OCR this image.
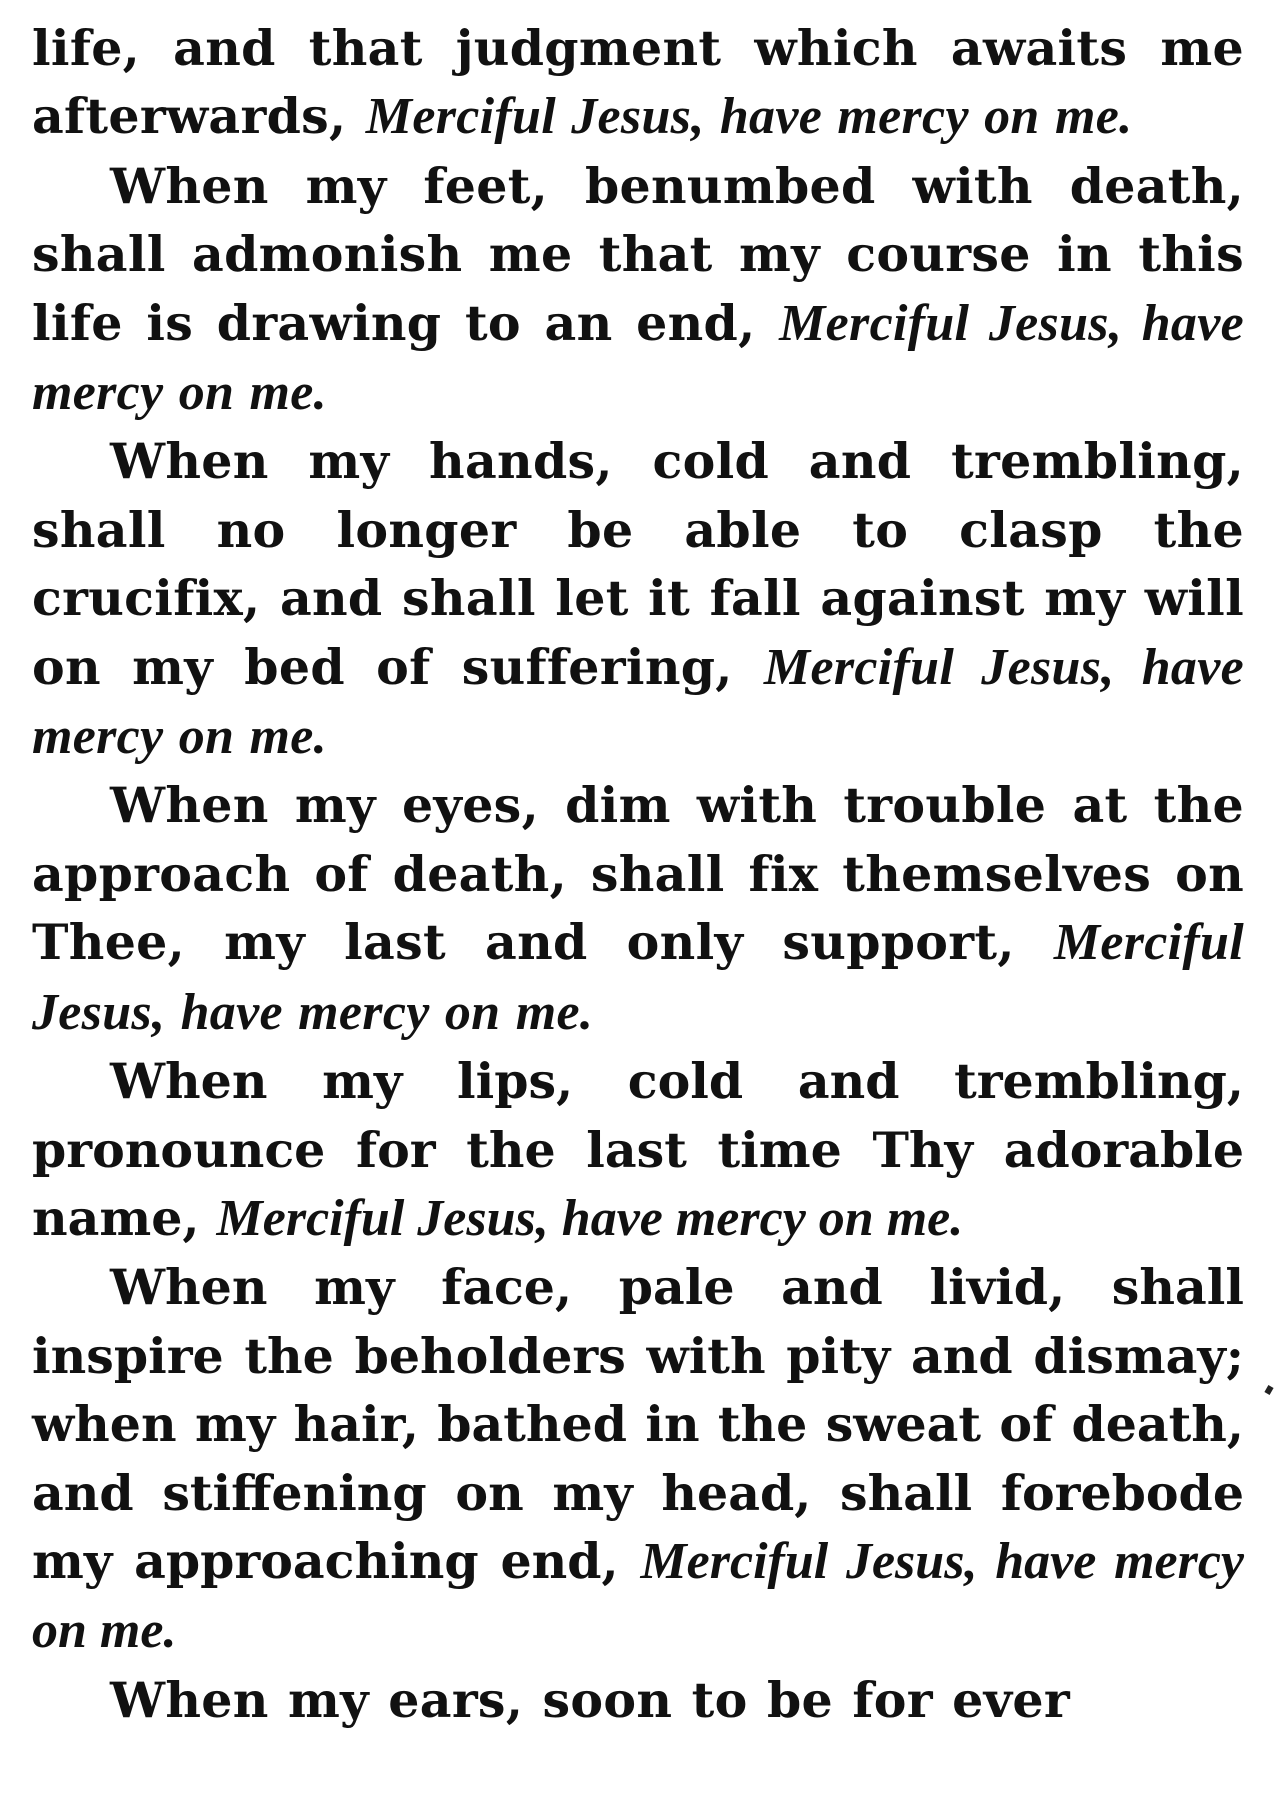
life, and that judgment which awaits me afterwards, Merciful Jesus, have mercy on me.

When my feet, benumbed with death, shall admonish me that my course in this life is drawing to an end, Merciful Jesus, have mercy on me.

When my hands, cold and trembling, shall no longer be able to clasp the crucifix, and shall let it fall against my will on my bed of suffering, Merciful Jesus, have mercy on me.

When my eyes, dim with trouble at the approach of death, shall fix themselves on Thee, my last and only support, Merciful Jesus, have mercy on me.

When my lips, cold and trembling, pronounce for the last time Thy adorable name, Merciful Jesus, have mercy on me.

When my face, pale and livid, shall inspire the beholders with pity and dismay; when my hair, bathed in the sweat of death, and stiffening on my head, shall forebode my approaching end, Merciful Jesus, have mercy on me.

When my ears, soon to be for ever
